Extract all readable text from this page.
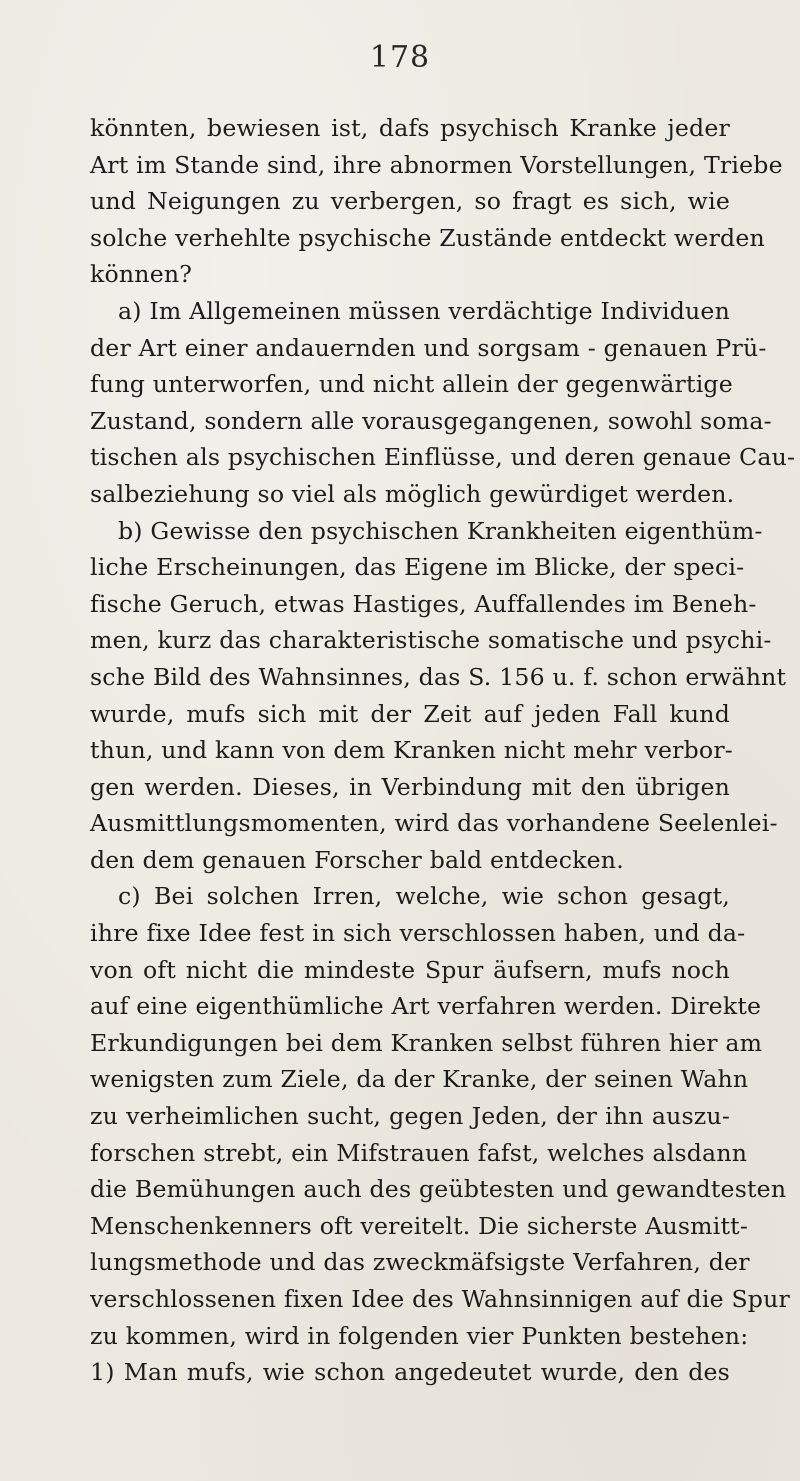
178
könnten, bewiesen ist, dafs psychisch Kranke jeder
Art im Stande sind, ihre abnormen Vorstellungen, Triebe
und Neigungen zu verbergen, so fragt es sich, wie
solche verhehlte psychische Zustände entdeckt werden
können?
a) Im Allgemeinen müssen verdächtige Individuen
der Art einer andauernden und sorgsam - genauen Prü-
fung unterworfen, und nicht allein der gegenwärtige
Zustand, sondern alle vorausgegangenen, sowohl soma-
tischen als psychischen Einflüsse, und deren genaue Cau-
salbeziehung so viel als möglich gewürdiget werden.
b) Gewisse den psychischen Krankheiten eigenthüm-
liche Erscheinungen, das Eigene im Blicke, der speci-
fische Geruch, etwas Hastiges, Auffallendes im Beneh-
men, kurz das charakteristische somatische und psychi-
sche Bild des Wahnsinnes, das S. 156 u. f. schon erwähnt
wurde, mufs sich mit der Zeit auf jeden Fall kund
thun, und kann von dem Kranken nicht mehr verbor-
gen werden. Dieses, in Verbindung mit den übrigen
Ausmittlungsmomenten, wird das vorhandene Seelenlei-
den dem genauen Forscher bald entdecken.
c) Bei solchen Irren, welche, wie schon gesagt,
ihre fixe Idee fest in sich verschlossen haben, und da-
von oft nicht die mindeste Spur äufsern, mufs noch
auf eine eigenthümliche Art verfahren werden. Direkte
Erkundigungen bei dem Kranken selbst führen hier am
wenigsten zum Ziele, da der Kranke, der seinen Wahn
zu verheimlichen sucht, gegen Jeden, der ihn auszu-
forschen strebt, ein Mifstrauen fafst, welches alsdann
die Bemühungen auch des geübtesten und gewandtesten
Menschenkenners oft vereitelt. Die sicherste Ausmitt-
lungsmethode und das zweckmäfsigste Verfahren, der
verschlossenen fixen Idee des Wahnsinnigen auf die Spur
zu kommen, wird in folgenden vier Punkten bestehen:
1) Man mufs, wie schon angedeutet wurde, den des
